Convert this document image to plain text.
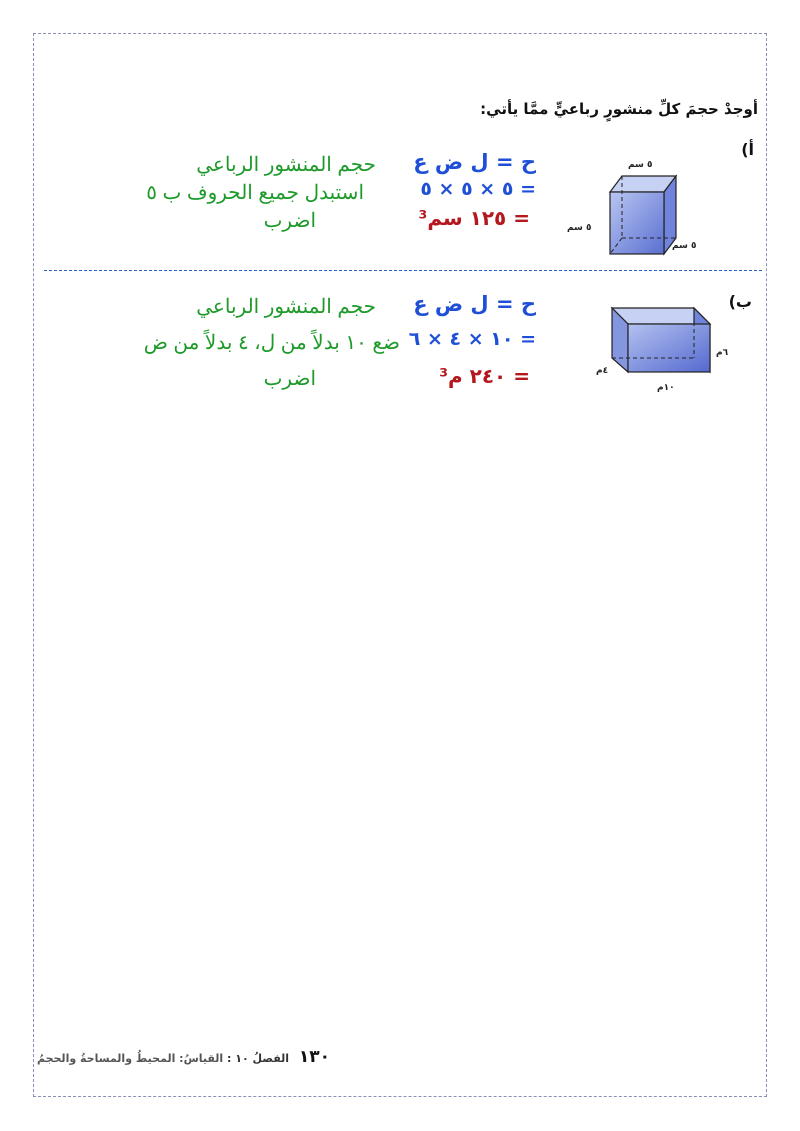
أوجدْ حجمَ كلِّ منشورٍ رباعيٍّ ممَّا يأتي:
أ)
٥ سم
٥ سم
٥ سم
ح = ل ض ع
حجم المنشور الرباعي
= ٥ × ٥ × ٥
استبدل جميع الحروف ب ٥
= ١٢٥ سم³
اضرب
ب)
٦م
٤م
١٠م
ح = ل ض ع
حجم المنشور الرباعي
= ١٠ × ٤ × ٦
ضع ١٠ بدلاً من ل، ٤ بدلاً من ض
= ٢٤٠ م³
اضرب
١٣٠ الفصلُ ١٠ : القياسُ: المحيطُ والمساحةُ والحجمُ
